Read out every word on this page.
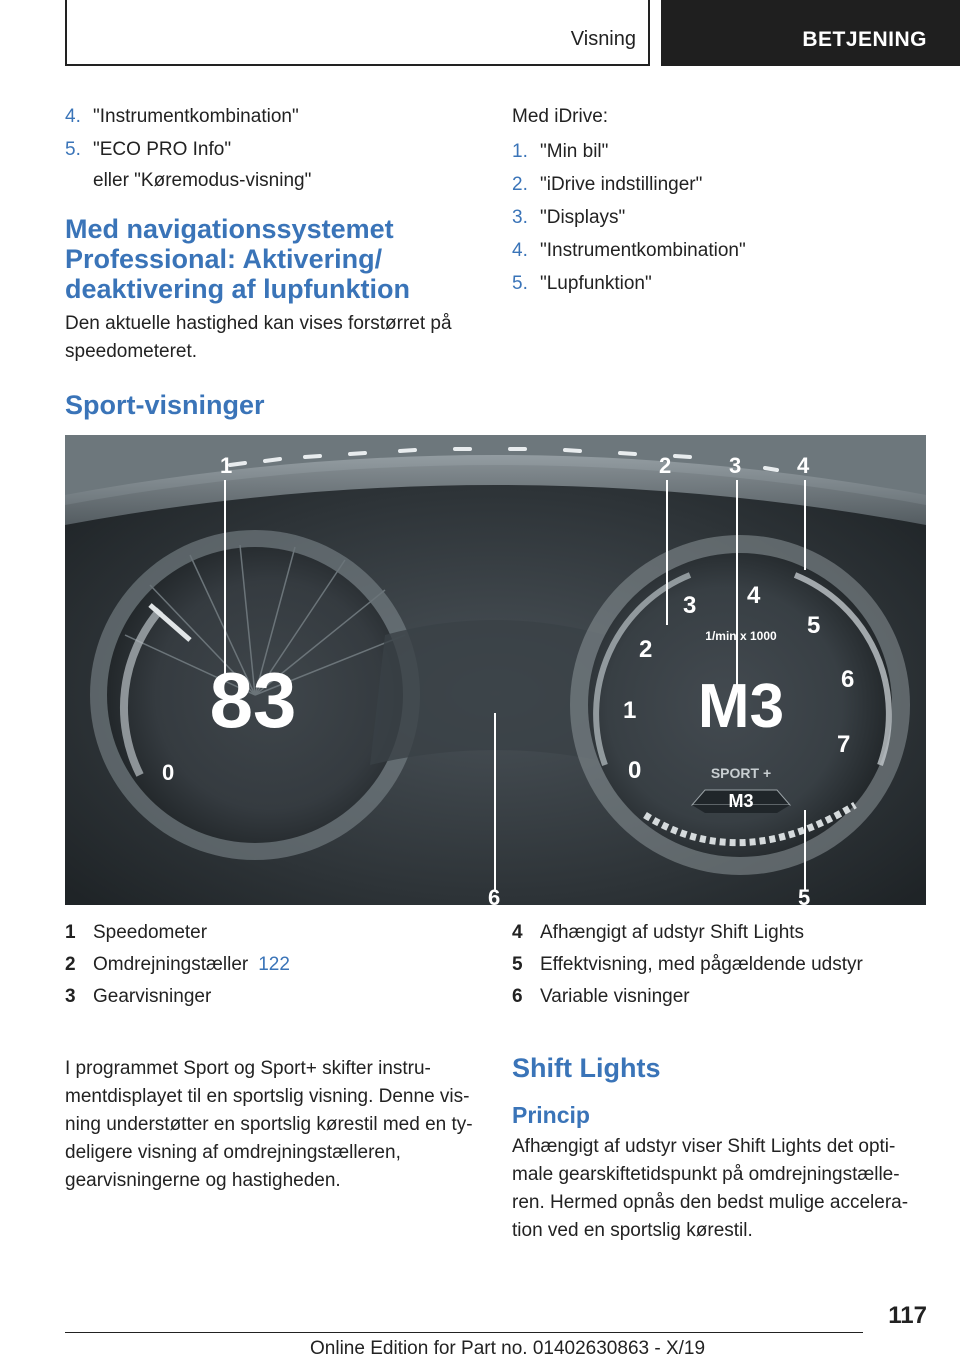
Visning	BETJENING
4. "Instrumentkombination"
5. "ECO PRO Info"
eller "Køremodus-visning"
Med navigationssystemet
Professional: Aktivering/
deaktivering af lupfunktion
Den aktuelle hastighed kan vises forstørret på
speedometeret.
Med iDrive:
1. "Min bil"
2. "iDrive indstillinger"
3. "Displays"
4. "Instrumentkombination"
5. "Lupfunktion"
Sport-visninger
83
0	0
1
2
3 4
5
6
7
1/min x 1000
M3
SPORT +
M3
1	2	3	4
5
6
1 Speedometer
2 Omdrejningstæller 122
3 Gearvisninger
I programmet Sport og Sport+ skifter instru-
mentdisplayet til en sportslig visning. Denne vis-
ning understøtter en sportslig kørestil med en ty-
deligere visning af omdrejningstælleren,
gearvisningerne og hastigheden.
4 Afhængigt af udstyr Shift Lights
5 Effektvisning, med pågældende udstyr
6 Variable visninger
Shift Lights
Princip
Afhængigt af udstyr viser Shift Lights det opti-
male gearskiftetidspunkt på omdrejningstælle-
ren. Hermed opnås den bedst mulige accelera-
tion ved en sportslig kørestil.
117
Online Edition for Part no. 01402630863 - X/19
